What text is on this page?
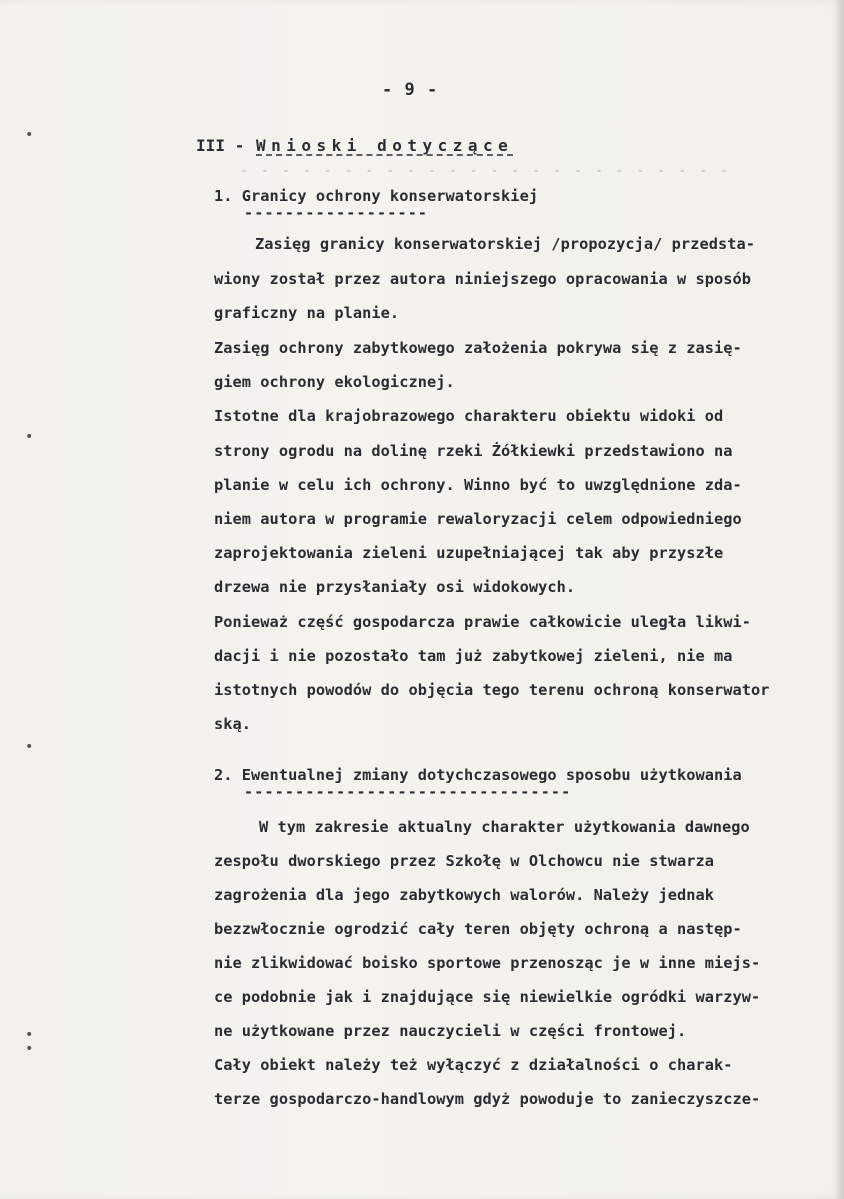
•
•
•
•
•
- 9 -
III - Wnioski dotyczące
- - - - - - - - - - - - - - - - - - - - - - - -
1. Granicy ochrony konserwatorskiej
------------------
Zasięg granicy konserwatorskiej /propozycja/ przedsta-
wiony został przez autora niniejszego opracowania w sposób
graficzny na planie.
Zasięg ochrony zabytkowego założenia pokrywa się z zasię-
giem ochrony ekologicznej.
Istotne dla krajobrazowego charakteru obiektu widoki od
strony ogrodu na dolinę rzeki Żółkiewki przedstawiono na
planie w celu ich ochrony. Winno być to uwzględnione zda-
niem autora w programie rewaloryzacji celem odpowiedniego
zaprojektowania zieleni uzupełniającej tak aby przyszłe
drzewa nie przysłaniały osi widokowych.
Ponieważ część gospodarcza prawie całkowicie uległa likwi-
dacji i nie pozostało tam już zabytkowej zieleni, nie ma
istotnych powodów do objęcia tego terenu ochroną konserwator
ską.
2. Ewentualnej zmiany dotychczasowego sposobu użytkowania
--------------------------------
W tym zakresie aktualny charakter użytkowania dawnego
zespołu dworskiego przez Szkołę w Olchowcu nie stwarza
zagrożenia dla jego zabytkowych walorów. Należy jednak
bezzwłocznie ogrodzić cały teren objęty ochroną a następ-
nie zlikwidować boisko sportowe przenosząc je w inne miejs-
ce podobnie jak i znajdujące się niewielkie ogródki warzyw-
ne użytkowane przez nauczycieli w części frontowej.
Cały obiekt należy też wyłączyć z działalności o charak-
terze gospodarczo-handlowym gdyż powoduje to zanieczyszcze-
